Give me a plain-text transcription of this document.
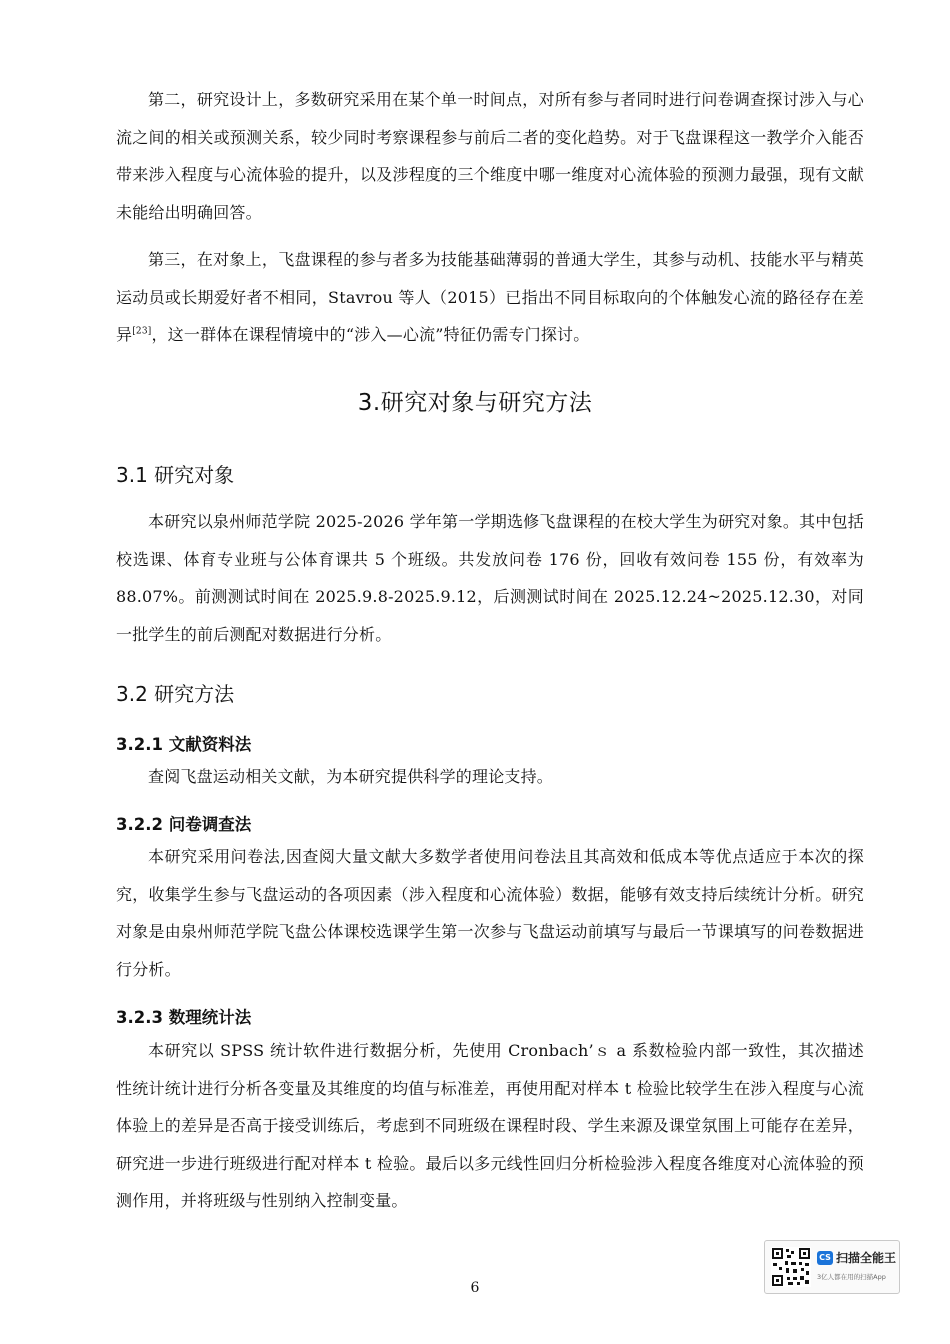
第二，研究设计上，多数研究采用在某个单一时间点，对所有参与者同时进行问卷调查探讨涉入与心流之间的相关或预测关系，较少同时考察课程参与前后二者的变化趋势。对于飞盘课程这一教学介入能否带来涉入程度与心流体验的提升，以及涉程度的三个维度中哪一维度对心流体验的预测力最强，现有文献未能给出明确回答。

第三，在对象上，飞盘课程的参与者多为技能基础薄弱的普通大学生，其参与动机、技能水平与精英运动员或长期爱好者不相同，Stavrou 等人（2015）已指出不同目标取向的个体触发心流的路径存在差异[23]，这一群体在课程情境中的“涉入—心流”特征仍需专门探讨。

3.研究对象与研究方法
3.1 研究对象

本研究以泉州师范学院 2025-2026 学年第一学期选修飞盘课程的在校大学生为研究对象。其中包括校选课、体育专业班与公体育课共 5 个班级。共发放问卷 176 份，回收有效问卷 155 份，有效率为 88.07%。前测测试时间在 2025.9.8-2025.9.12，后测测试时间在 2025.12.24~2025.12.30，对同一批学生的前后测配对数据进行分析。

3.2 研究方法
3.2.1 文献资料法

查阅飞盘运动相关文献，为本研究提供科学的理论支持。

3.2.2 问卷调查法

本研究采用问卷法,因查阅大量文献大多数学者使用问卷法且其高效和低成本等优点适应于本次的探究，收集学生参与飞盘运动的各项因素（涉入程度和心流体验）数据，能够有效支持后续统计分析。研究对象是由泉州师范学院飞盘公体课校选课学生第一次参与飞盘运动前填写与最后一节课填写的问卷数据进行分析。

3.2.3 数理统计法

本研究以 SPSS 统计软件进行数据分析，先使用 Cronbach’ｓ a 系数检验内部一致性，其次描述性统计统计进行分析各变量及其维度的均值与标准差，再使用配对样本 t 检验比较学生在涉入程度与心流体验上的差异是否高于接受训练后，考虑到不同班级在课程时段、学生来源及课堂氛围上可能存在差异，研究进一步进行班级进行配对样本 t 检验。最后以多元线性回归分析检验涉入程度各维度对心流体验的预测作用，并将班级与性别纳入控制变量。

CS 扫描全能王
3亿人都在用的扫描App
6
